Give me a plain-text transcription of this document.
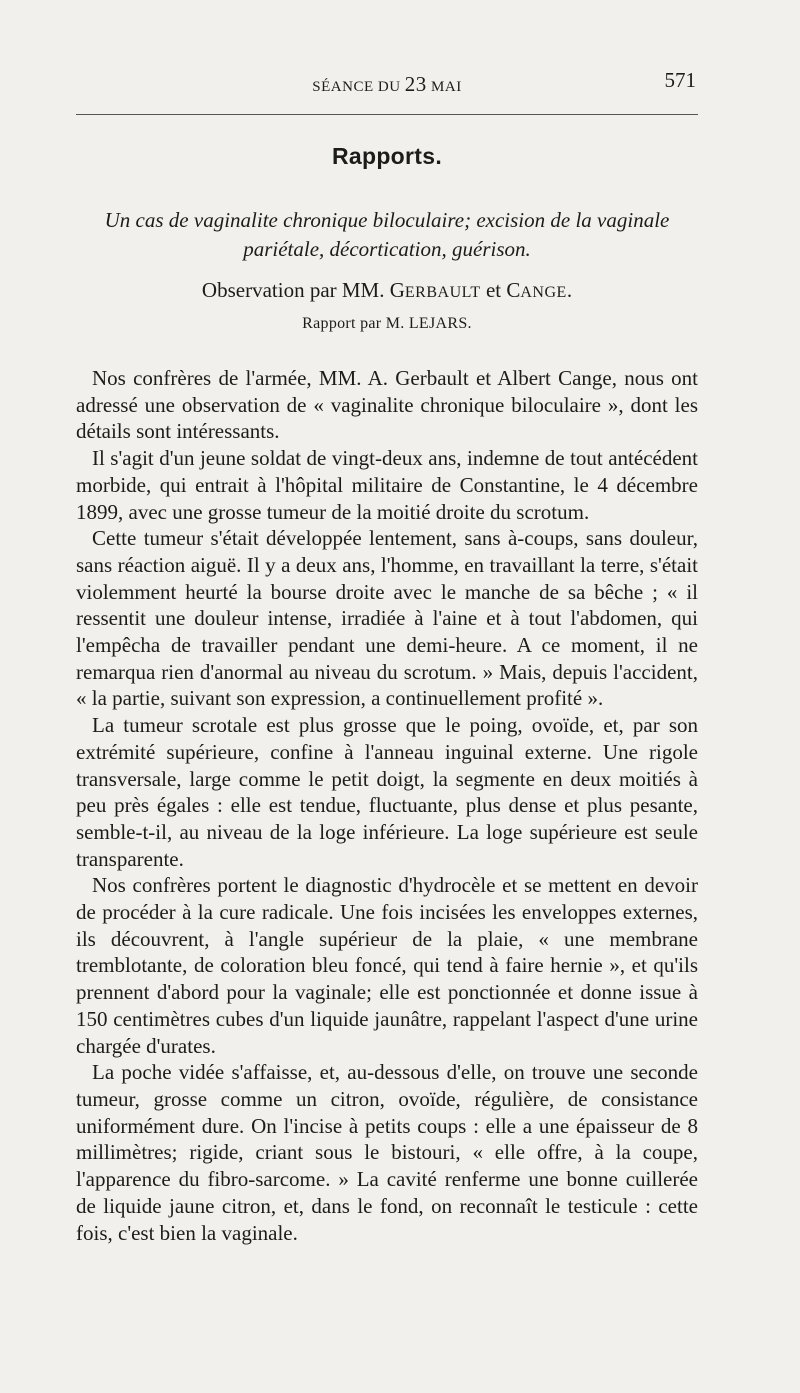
SÉANCE DU 23 MAI	571
Rapports.
Un cas de vaginalite chronique biloculaire; excision de la vaginale
pariétale, décortication, guérison.
Observation par MM. GERBAULT et CANGE.
Rapport par M. LEJARS.

Nos confrères de l'armée, MM. A. Gerbault et Albert Cange, nous ont adressé une observation de « vaginalite chronique biloculaire », dont les détails sont intéressants.

Il s'agit d'un jeune soldat de vingt-deux ans, indemne de tout antécédent morbide, qui entrait à l'hôpital militaire de Constantine, le 4 décembre 1899, avec une grosse tumeur de la moitié droite du scrotum.

Cette tumeur s'était développée lentement, sans à-coups, sans douleur, sans réaction aiguë. Il y a deux ans, l'homme, en travaillant la terre, s'était violemment heurté la bourse droite avec le manche de sa bêche ; « il ressentit une douleur intense, irradiée à l'aine et à tout l'abdomen, qui l'empêcha de travailler pendant une demi-heure. A ce moment, il ne remarqua rien d'anormal au niveau du scrotum. » Mais, depuis l'accident, « la partie, suivant son expression, a continuellement profité ».

La tumeur scrotale est plus grosse que le poing, ovoïde, et, par son extrémité supérieure, confine à l'anneau inguinal externe. Une rigole transversale, large comme le petit doigt, la segmente en deux moitiés à peu près égales : elle est tendue, fluctuante, plus dense et plus pesante, semble-t-il, au niveau de la loge inférieure. La loge supérieure est seule transparente.

Nos confrères portent le diagnostic d'hydrocèle et se mettent en devoir de procéder à la cure radicale. Une fois incisées les enveloppes externes, ils découvrent, à l'angle supérieur de la plaie, « une membrane tremblotante, de coloration bleu foncé, qui tend à faire hernie », et qu'ils prennent d'abord pour la vaginale; elle est ponctionnée et donne issue à 150 centimètres cubes d'un liquide jaunâtre, rappelant l'aspect d'une urine chargée d'urates.

La poche vidée s'affaisse, et, au-dessous d'elle, on trouve une seconde tumeur, grosse comme un citron, ovoïde, régulière, de consistance uniformément dure. On l'incise à petits coups : elle a une épaisseur de 8 millimètres; rigide, criant sous le bistouri, « elle offre, à la coupe, l'apparence du fibro-sarcome. » La cavité renferme une bonne cuillerée de liquide jaune citron, et, dans le fond, on reconnaît le testicule : cette fois, c'est bien la vaginale.
